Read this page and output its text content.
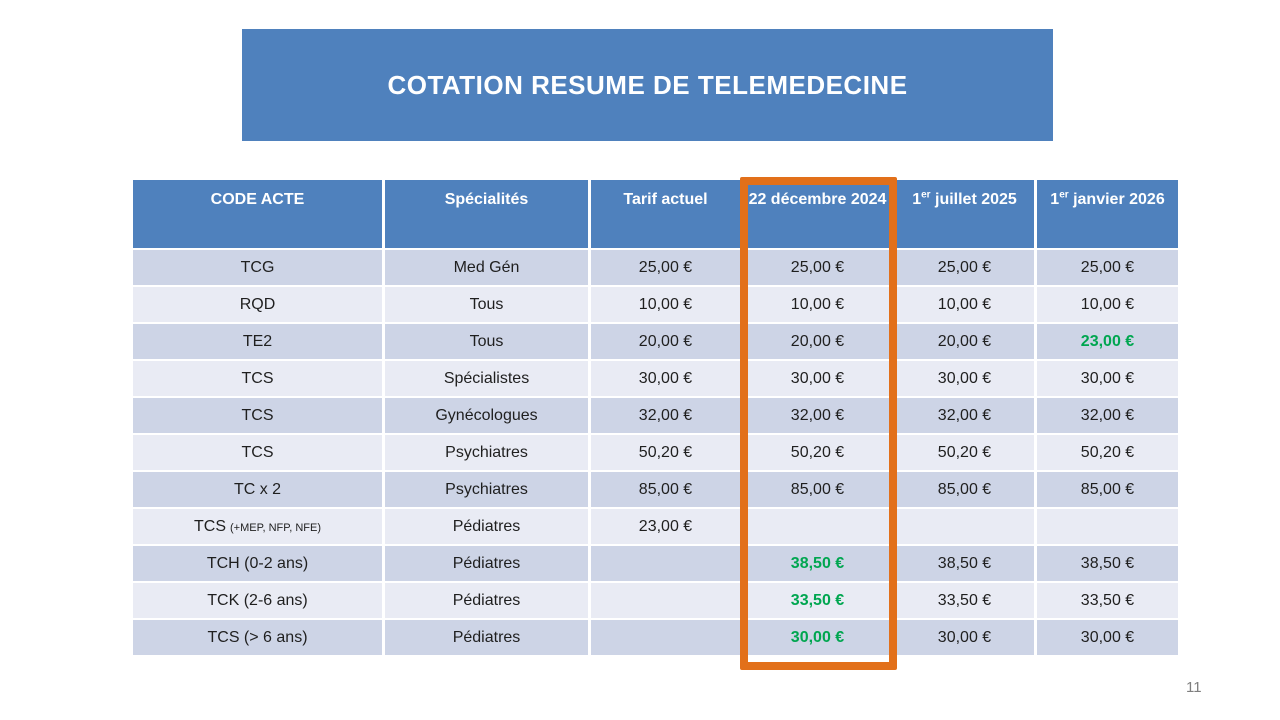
COTATION RESUME DE TELEMEDECINE
CODE ACTE	Spécialités	Tarif actuel	22 décembre 2024	1er juillet 2025	1er janvier 2026
TCG	Med Gén	25,00 €	25,00 €	25,00 €	25,00 €
RQD	Tous	10,00 €	10,00 €	10,00 €	10,00 €
TE2	Tous	20,00 €	20,00 €	20,00 €	23,00 €
TCS	Spécialistes	30,00 €	30,00 €	30,00 €	30,00 €
TCS	Gynécologues	32,00 €	32,00 €	32,00 €	32,00 €
TCS	Psychiatres	50,20 €	50,20 €	50,20 €	50,20 €
TC x 2	Psychiatres	85,00 €	85,00 €	85,00 €	85,00 €
TCS (+MEP, NFP, NFE)	Pédiatres	23,00 €			
TCH (0-2 ans)	Pédiatres		38,50 €	38,50 €	38,50 €
TCK (2-6 ans)	Pédiatres		33,50 €	33,50 €	33,50 €
TCS (> 6 ans)	Pédiatres		30,00 €	30,00 €	30,00 €
11
